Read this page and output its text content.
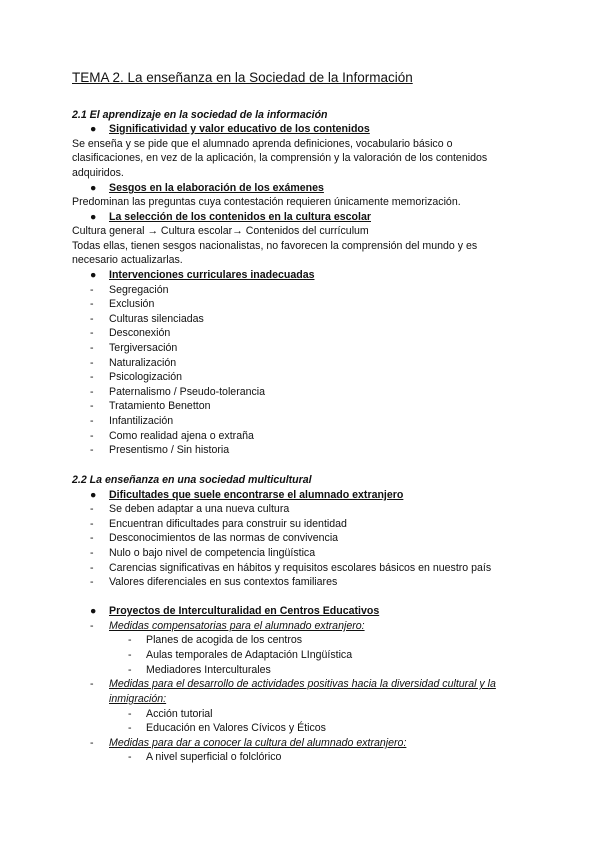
TEMA 2. La enseñanza en la Sociedad de la Información
2.1 El aprendizaje en la sociedad de la información
● Significatividad y valor educativo de los contenidos
Se enseña y se pide que el alumnado aprenda definiciones, vocabulario básico o
clasificaciones, en vez de la aplicación, la comprensión y la valoración de los contenidos
adquiridos.
● Sesgos en la elaboración de los exámenes
Predominan las preguntas cuya contestación requieren únicamente memorización.
● La selección de los contenidos en la cultura escolar
Cultura general → Cultura escolar→ Contenidos del currículum
Todas ellas, tienen sesgos nacionalistas, no favorecen la comprensión del mundo y es
necesario actualizarlas.
● Intervenciones curriculares inadecuadas
- Segregación
- Exclusión
- Culturas silenciadas
- Desconexión
- Tergiversación
- Naturalización
- Psicologización
- Paternalismo / Pseudo-tolerancia
- Tratamiento Benetton
- Infantilización
- Como realidad ajena o extraña
- Presentismo / Sin historia
2.2 La enseñanza en una sociedad multicultural
● Dificultades que suele encontrarse el alumnado extranjero
- Se deben adaptar a una nueva cultura
- Encuentran dificultades para construir su identidad
- Desconocimientos de las normas de convivencia
- Nulo o bajo nivel de competencia lingüística
- Carencias significativas en hábitos y requisitos escolares básicos en nuestro país
- Valores diferenciales en sus contextos familiares
● Proyectos de Interculturalidad en Centros Educativos
- Medidas compensatorias para el alumnado extranjero:
- Planes de acogida de los centros
- Aulas temporales de Adaptación LIngüística
- Mediadores Interculturales
- Medidas para el desarrollo de actividades positivas hacia la diversidad cultural y la
inmigración:
- Acción tutorial
- Educación en Valores Cívicos y Éticos
- Medidas para dar a conocer la cultura del alumnado extranjero:
- A nivel superficial o folclórico
